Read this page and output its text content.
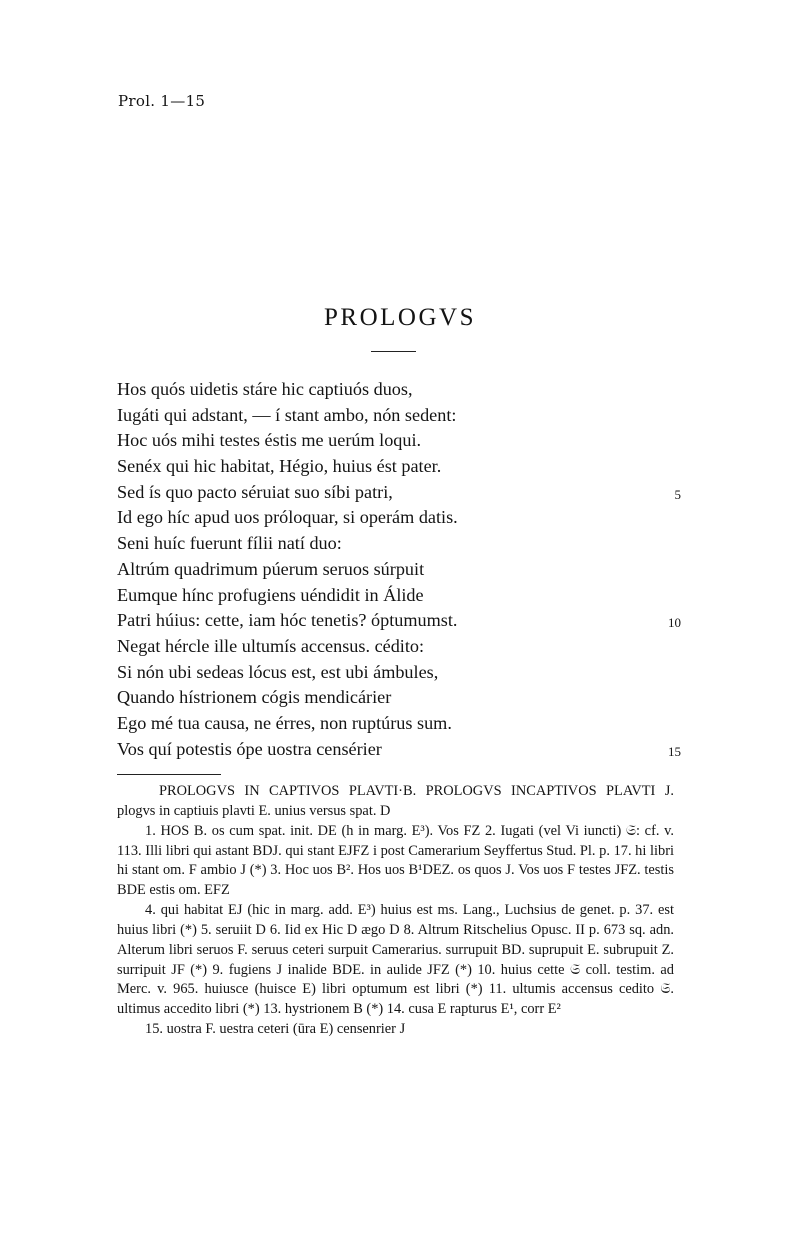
Prol. 1—15
PROLOGVS
Hos quós uidetis stáre hic captiuós duos,
Iugáti qui adstant, — í stant ambo, nón sedent:
Hoc uós mihi testes éstis me uerúm loqui.
Senéx qui hic habitat, Hégio, huius ést pater.
Sed ís quo pacto séruiat suo síbi patri,	5
Id ego híc apud uos próloquar, si operám datis.
Seni huíc fuerunt fílii natí duo:
Altrúm quadrimum púerum seruos súrpuit
Eumque hínc profugiens uéndidit in Álide
Patri húius: cette, iam hóc tenetis? óptumumst.	10
Negat hércle ille ultumís accensus. cédito:
Si nón ubi sedeas lócus est, est ubi ámbules,
Quando hístrionem cógis mendicárier
Ego mé tua causa, ne érres, non ruptúrus sum.
Vos quí potestis ópe uostra censérier	15

PROLOGVS IN CAPTIVOS PLAVTI·B. PROLOGVS INCAPTIVOS PLAVTI J. plogvs in captiuis plavti E. unius versus spat. D

1. HOS B. os cum spat. init. DE (h in marg. E³). Vos FZ 2. Iugati (vel Vi iuncti) 𝔖: cf. v. 113. Illi libri qui astant BDJ. qui stant EJFZ i post Camerarium Seyffertus Stud. Pl. p. 17. hi libri hi stant om. F ambio J (*) 3. Hoc uos B². Hos uos B¹DEZ. os quos J. Vos uos F testes JFZ. testis BDE estis om. EFZ

4. qui habitat EJ (hic in marg. add. E³) huius est ms. Lang., Luchsius de genet. p. 37. est huius libri (*) 5. seruiit D 6. Iid ex Hic D ægo D 8. Altrum Ritschelius Opusc. II p. 673 sq. adn. Alterum libri seruos F. seruus ceteri surpuit Camerarius. surrupuit BD. suprupuit E. subrupuit Z. surripuit JF (*) 9. fugiens J inalide BDE. in aulide JFZ (*) 10. huius cette 𝔖 coll. testim. ad Merc. v. 965. huiusce (huisce E) libri optumum est libri (*) 11. ultumis accensus cedito 𝔖. ultimus accedito libri (*) 13. hystrionem B (*) 14. cusa E rapturus E¹, corr E²

15. uostra F. uestra ceteri (ūra E) censenrier J
